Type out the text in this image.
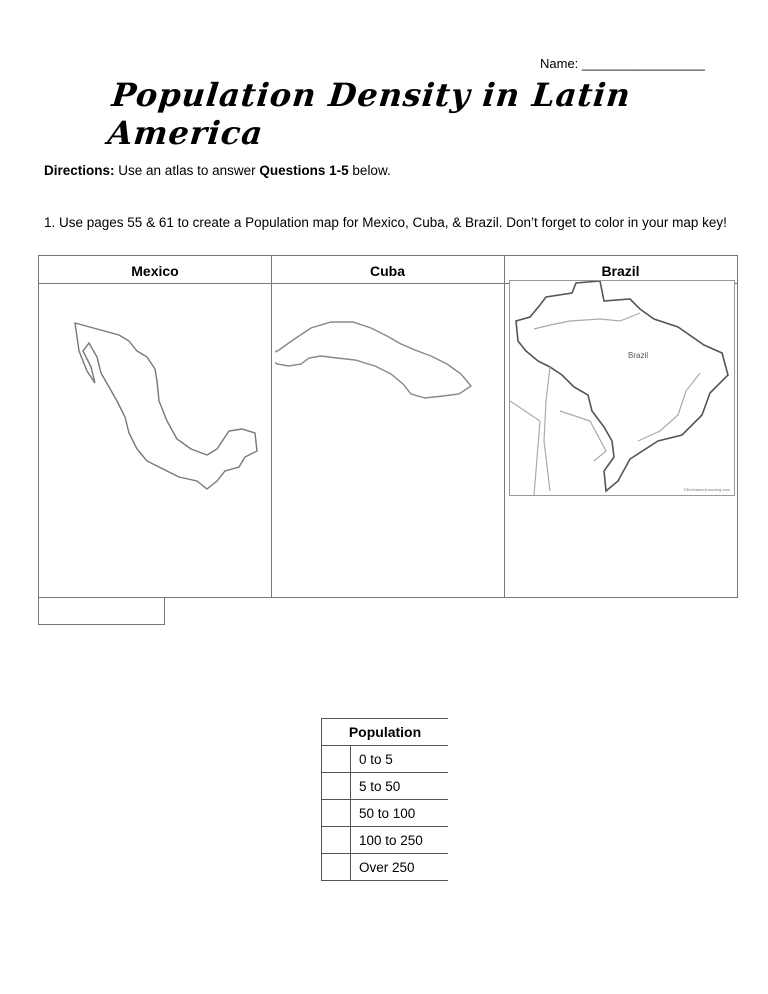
Name: _________________
Population Density in Latin America
Directions: Use an atlas to answer Questions 1-5 below.
1. Use pages 55 & 61 to create a Population map for Mexico, Cuba, & Brazil. Don’t forget to color in your map key!
Mexico	Cuba	Brazil
Brazil
©EnchantedLearning.com
Population	
	0 to 5
	5 to 50
	50 to 100
	100 to 250
	Over 250
